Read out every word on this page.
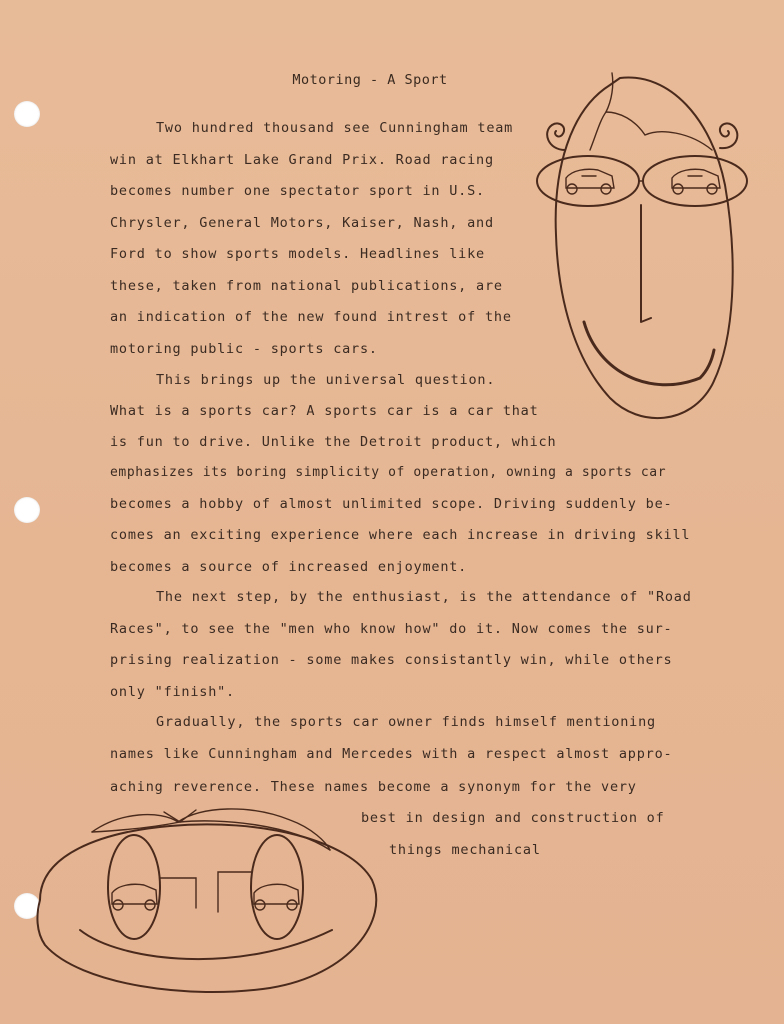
Motoring - A Sport
Two hundred thousand see Cunningham team
win at Elkhart Lake Grand Prix. Road racing
becomes number one spectator sport in U.S.
Chrysler, General Motors, Kaiser, Nash, and
Ford to show sports models. Headlines like
these, taken from national publications, are
an indication of the new found intrest of the
motoring public - sports cars.
This brings up the universal question.
What is a sports car? A sports car is a car that
is fun to drive. Unlike the Detroit product, which
emphasizes its boring simplicity of operation, owning a sports car
becomes a hobby of almost unlimited scope. Driving suddenly be-
comes an exciting experience where each increase in driving skill
becomes a source of increased enjoyment.
The next step, by the enthusiast, is the attendance of "Road
Races", to see the "men who know how" do it. Now comes the sur-
prising realization - some makes consistantly win, while others
only "finish".
Gradually, the sports car owner finds himself mentioning
names like Cunningham and Mercedes with a respect almost appro-
aching reverence. These names become a synonym for the very
best in design and construction of
things mechanical
